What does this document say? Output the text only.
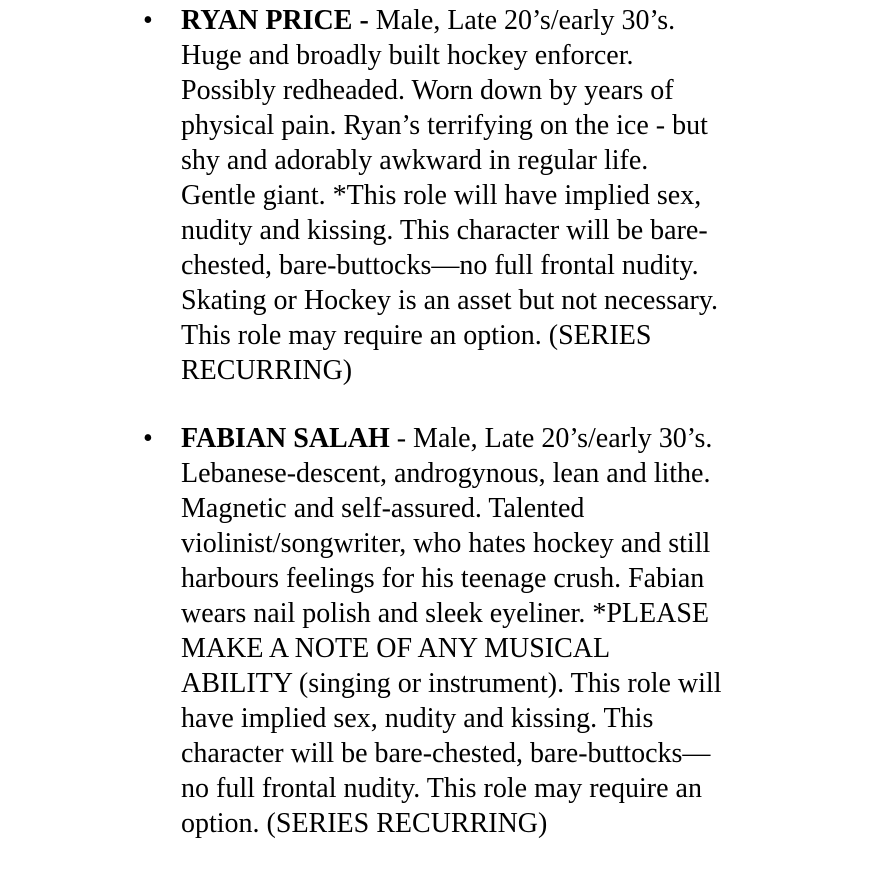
•	RYAN PRICE - Male, Late 20’s/early 30’s.
Huge and broadly built hockey enforcer.
Possibly redheaded. Worn down by years of
physical pain. Ryan’s terrifying on the ice - but
shy and adorably awkward in regular life.
Gentle giant. *This role will have implied sex,
nudity and kissing. This character will be bare-
chested, bare-buttocks—no full frontal nudity.
Skating or Hockey is an asset but not necessary.
This role may require an option. (SERIES
RECURRING)
•	FABIAN SALAH - Male, Late 20’s/early 30’s.
Lebanese-descent, androgynous, lean and lithe.
Magnetic and self-assured. Talented
violinist/songwriter, who hates hockey and still
harbours feelings for his teenage crush. Fabian
wears nail polish and sleek eyeliner. *PLEASE
MAKE A NOTE OF ANY MUSICAL
ABILITY (singing or instrument). This role will
have implied sex, nudity and kissing. This
character will be bare-chested, bare-buttocks—
no full frontal nudity. This role may require an
option. (SERIES RECURRING)
